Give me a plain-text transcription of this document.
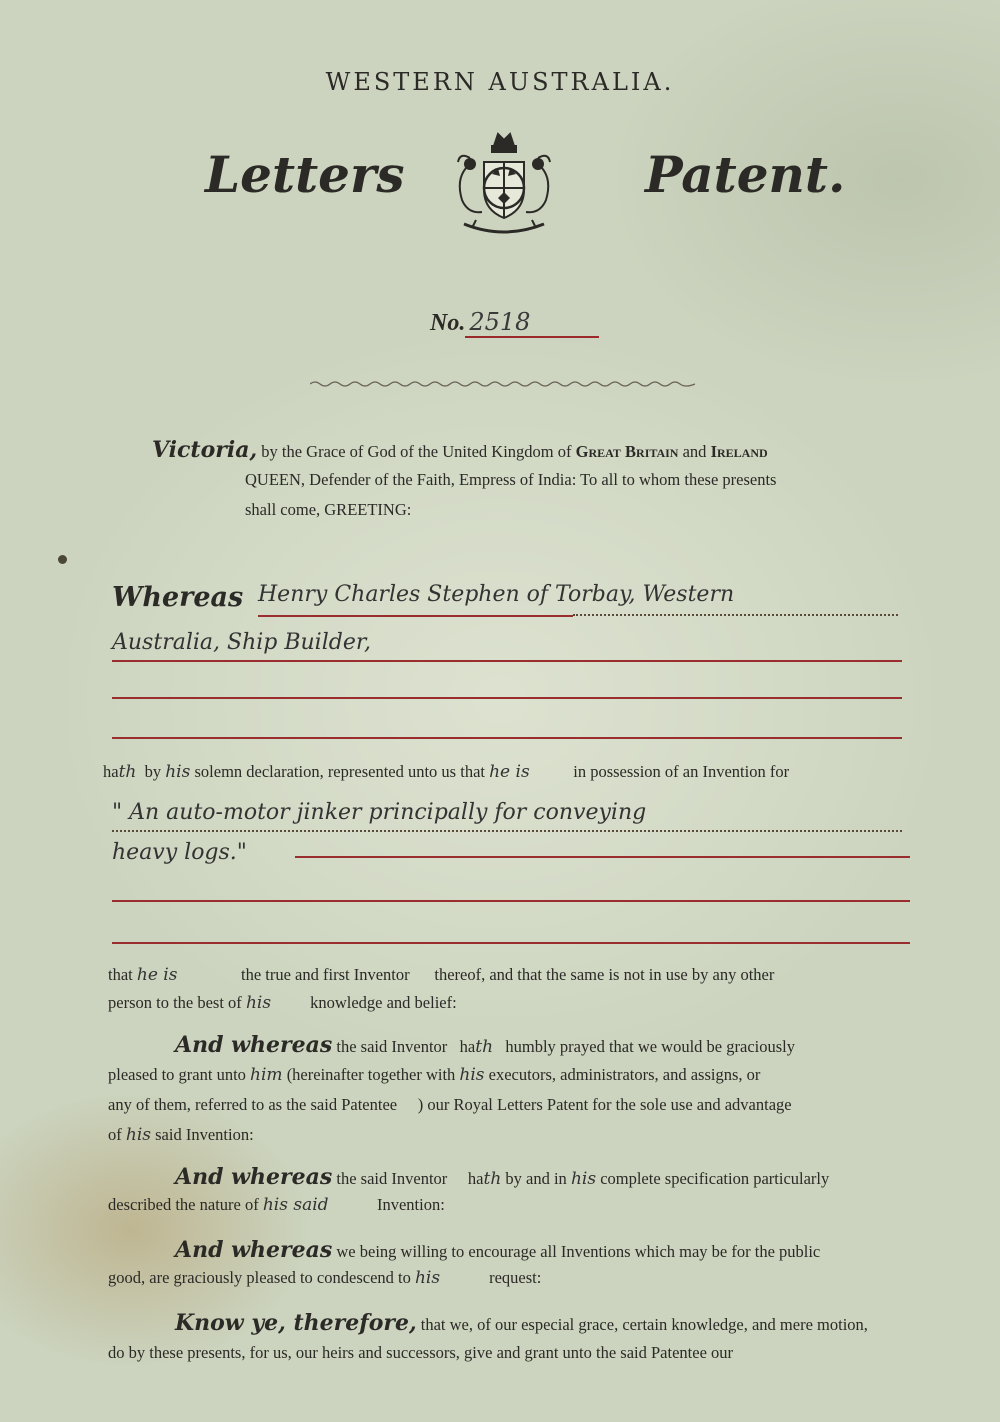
WESTERN AUSTRALIA.
Letters	Patent.
No. 2518
Victoria, by the Grace of God of the United Kingdom of Great Britain and Ireland
QUEEN, Defender of the Faith, Empress of India: To all to whom these presents
shall come, GREETING:
Whereas Henry Charles Stephen of Torbay, Western
Australia, Ship Builder,
hath by his solemn declaration, represented unto us that he is	in possession of an Invention for
" An auto-motor jinker principally for conveying
heavy logs."
that he is	the true and first Inventor thereof, and that the same is not in use by any other
person to the best of his knowledge and belief:
And whereas the said Inventor hath humbly prayed that we would be graciously
pleased to grant unto him (hereinafter together with his executors, administrators, and assigns, or
any of them, referred to as the said Patentee ) our Royal Letters Patent for the sole use and advantage
of his said Invention:
And whereas the said Inventor hath by and in his complete specification particularly
described the nature of his said	Invention:
And whereas we being willing to encourage all Inventions which may be for the public
good, are graciously pleased to condescend to his	request:
Know ye, therefore, that we, of our especial grace, certain knowledge, and mere motion,
do by these presents, for us, our heirs and successors, give and grant unto the said Patentee our
